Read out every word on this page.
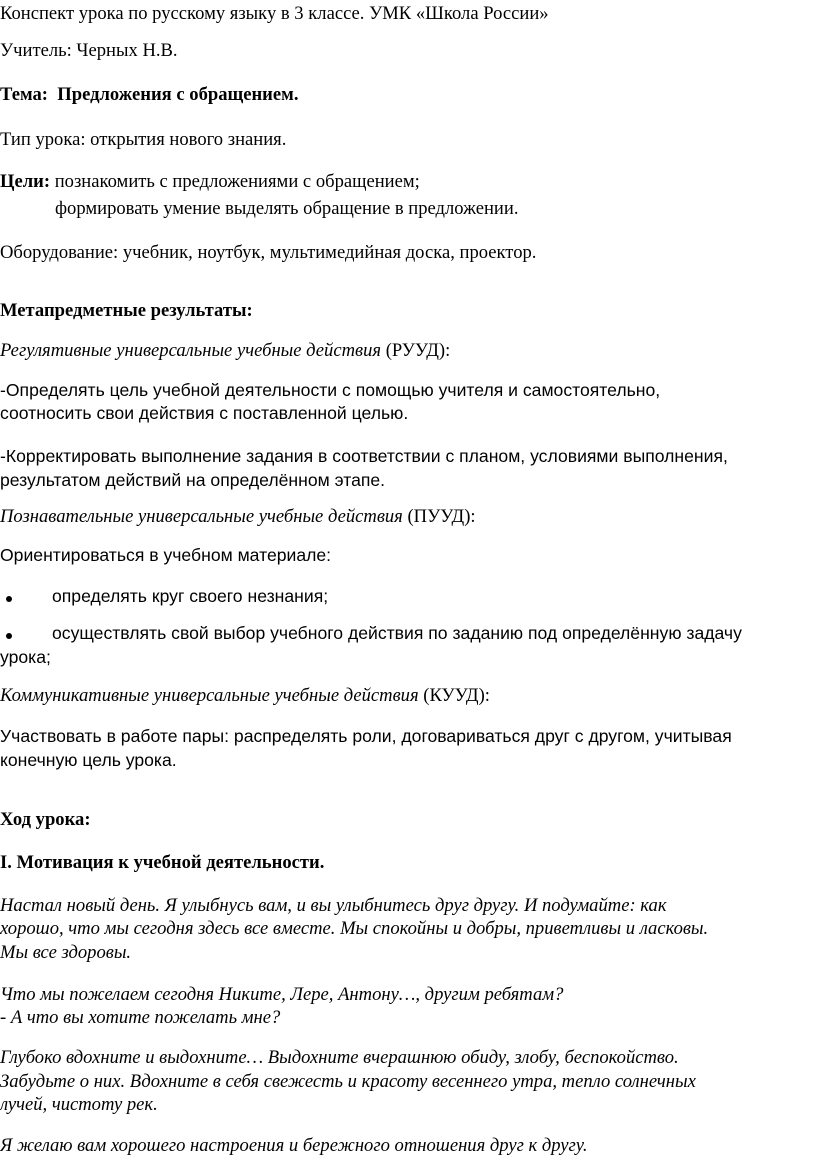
Конспект урока по русскому языку в 3 классе. УМК «Школа России»

Учитель: Черных Н.В.

Тема: Предложения с обращением.

Тип урока: открытия нового знания.

Цели: познакомить с предложениями с обращением;

формировать умение выделять обращение в предложении.

Оборудование: учебник, ноутбук, мультимедийная доска, проектор.

Метапредметные результаты:

Регулятивные универсальные учебные действия (РУУД):

-Определять цель учебной деятельности с помощью учителя и самостоятельно,

соотносить свои действия с поставленной целью.

-Корректировать выполнение задания в соответствии с планом, условиями выполнения,

результатом действий на определённом этапе.

Познавательные универсальные учебные действия (ПУУД):

Ориентироваться в учебном материале:

определять круг своего незнания;

осуществлять свой выбор учебного действия по заданию под определённую задачу

урока;

Коммуникативные универсальные учебные действия (КУУД):

Участвовать в работе пары: распределять роли, договариваться друг с другом, учитывая

конечную цель урока.

Ход урока:

I. Мотивация к учебной деятельности.

Настал новый день. Я улыбнусь вам, и вы улыбнитесь друг другу. И подумайте: как

хорошо, что мы сегодня здесь все вместе. Мы спокойны и добры, приветливы и ласковы.

Мы все здоровы.

Что мы пожелаем сегодня Никите, Лере, Антону…, другим ребятам?

- А что вы хотите пожелать мне?

Глубоко вдохните и выдохните… Выдохните вчерашнюю обиду, злобу, беспокойство.

Забудьте о них. Вдохните в себя свежесть и красоту весеннего утра, тепло солнечных

лучей, чистоту рек.

Я желаю вам хорошего настроения и бережного отношения друг к другу.
